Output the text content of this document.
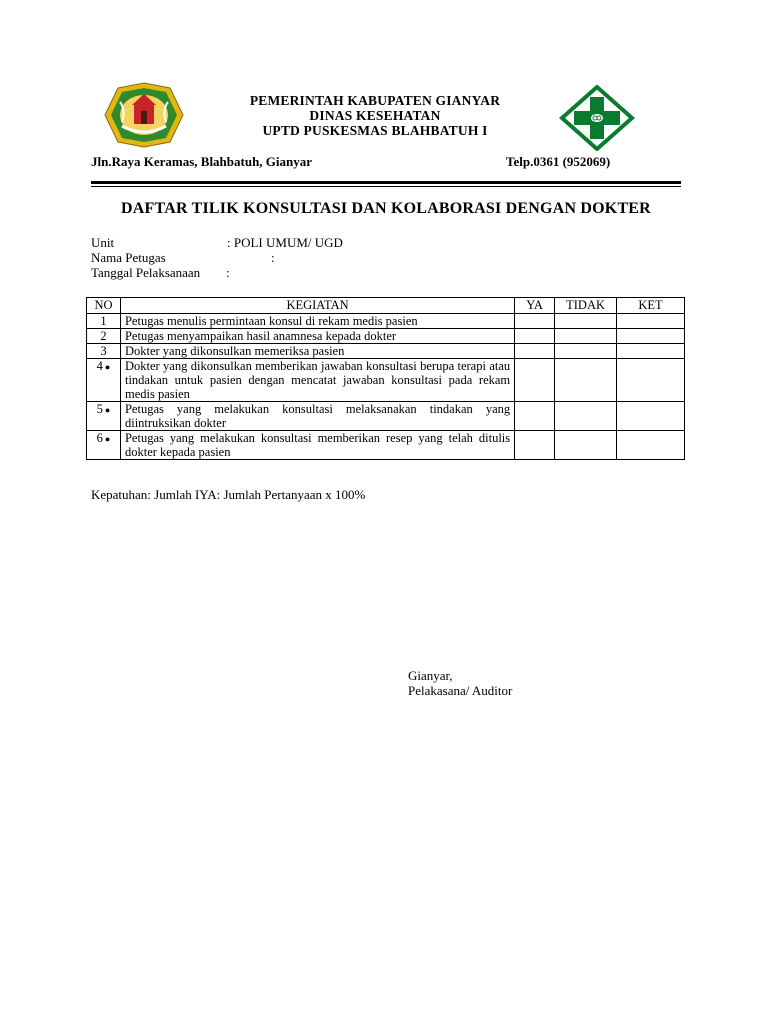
PEMERINTAH KABUPATEN GIANYAR
DINAS KESEHATAN
UPTD PUSKESMAS BLAHBATUH I
Jln.Raya Keramas, Blahbatuh, Gianyar	Telp.0361 (952069)
DAFTAR TILIK KONSULTASI DAN KOLABORASI DENGAN DOKTER
Unit	: POLI UMUM/ UGD
Nama Petugas	:
Tanggal Pelaksanaan :
NO	KEGIATAN	YA	TIDAK	KET
1	Petugas menulis permintaan konsul di rekam medis pasien			
2	Petugas menyampaikan hasil anamnesa kepada dokter			
3	Dokter yang dikonsulkan memeriksa pasien			
4 ●	Dokter yang dikonsulkan memberikan jawaban konsultasi berupa terapi atau tindakan untuk pasien dengan mencatat jawaban konsultasi pada rekam medis pasien			
5 ●	Petugas yang melakukan konsultasi melaksanakan tindakan yang diintruksikan dokter			
6 ●	Petugas yang melakukan konsultasi memberikan resep yang telah ditulis dokter kepada pasien			
Kepatuhan: Jumlah IYA: Jumlah Pertanyaan x 100%
Gianyar,
Pelakasana/ Auditor
